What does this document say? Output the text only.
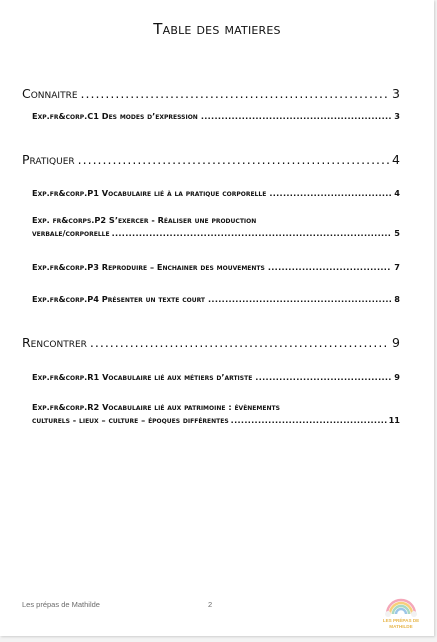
Table des matieres
Connaitre .....	3
Exp.fr&corp.C1 Des modes d’expression .....	3
Pratiquer .....	4
Exp.fr&corp.P1 Vocabulaire lié à la pratique corporelle .....	4
Exp. fr&corps.P2 S’exercer - Réaliser une production
verbale/corporelle .....	5
Exp.fr&corp.P3 Reproduire – Enchainer des mouvements .....	7
Exp.fr&corp.P4 Présenter un texte court .....	8
Rencontrer .....	9
Exp.fr&corp.R1 Vocabulaire lié aux métiers d’artiste .....	9
Exp.fr&corp.R2 Vocabulaire lié aux patrimoine : évènements
culturels - lieux – culture – époques différentes .....	11
Les prépas de Mathilde	2
LES PRÉPAS DE
MATHILDE
